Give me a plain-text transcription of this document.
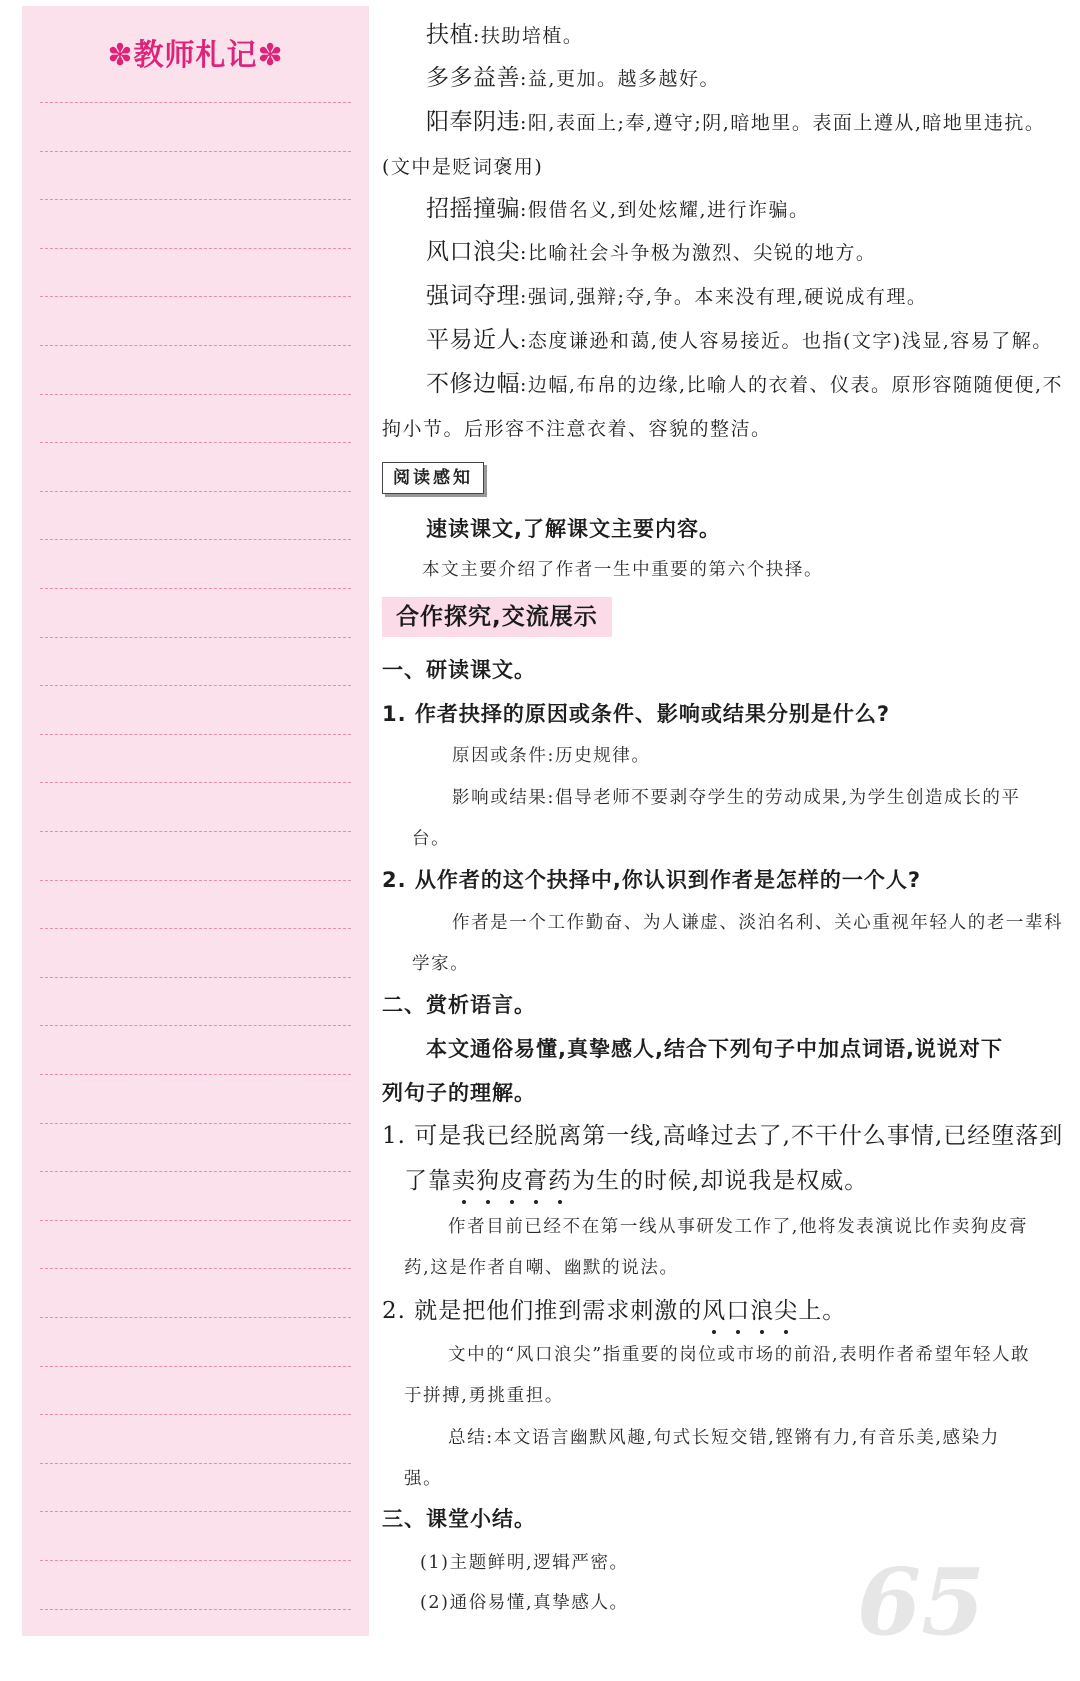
✽教师札记✽
65
扶植:扶助培植。
多多益善:益,更加。越多越好。
阳奉阴违:阳,表面上;奉,遵守;阴,暗地里。表面上遵从,暗地里违抗。
(文中是贬词褒用)
招摇撞骗:假借名义,到处炫耀,进行诈骗。
风口浪尖:比喻社会斗争极为激烈、尖锐的地方。
强词夺理:强词,强辩;夺,争。本来没有理,硬说成有理。
平易近人:态度谦逊和蔼,使人容易接近。也指(文字)浅显,容易了解。
不修边幅:边幅,布帛的边缘,比喻人的衣着、仪表。原形容随随便便,不
拘小节。后形容不注意衣着、容貌的整洁。
阅读感知
速读课文,了解课文主要内容。
本文主要介绍了作者一生中重要的第六个抉择。
合作探究,交流展示
一、研读课文。
1. 作者抉择的原因或条件、影响或结果分别是什么?
原因或条件:历史规律。
影响或结果:倡导老师不要剥夺学生的劳动成果,为学生创造成长的平
台。
2. 从作者的这个抉择中,你认识到作者是怎样的一个人?
作者是一个工作勤奋、为人谦虚、淡泊名利、关心重视年轻人的老一辈科
学家。
二、赏析语言。
本文通俗易懂,真挚感人,结合下列句子中加点词语,说说对下
列句子的理解。
1. 可是我已经脱离第一线,高峰过去了,不干什么事情,已经堕落到
了靠卖狗皮膏药为生的时候,却说我是权威。
作者目前已经不在第一线从事研发工作了,他将发表演说比作卖狗皮膏
药,这是作者自嘲、幽默的说法。
2. 就是把他们推到需求刺激的风口浪尖上。
文中的“风口浪尖”指重要的岗位或市场的前沿,表明作者希望年轻人敢
于拼搏,勇挑重担。
总结:本文语言幽默风趣,句式长短交错,铿锵有力,有音乐美,感染力
强。
三、课堂小结。
(1)主题鲜明,逻辑严密。
(2)通俗易懂,真挚感人。
